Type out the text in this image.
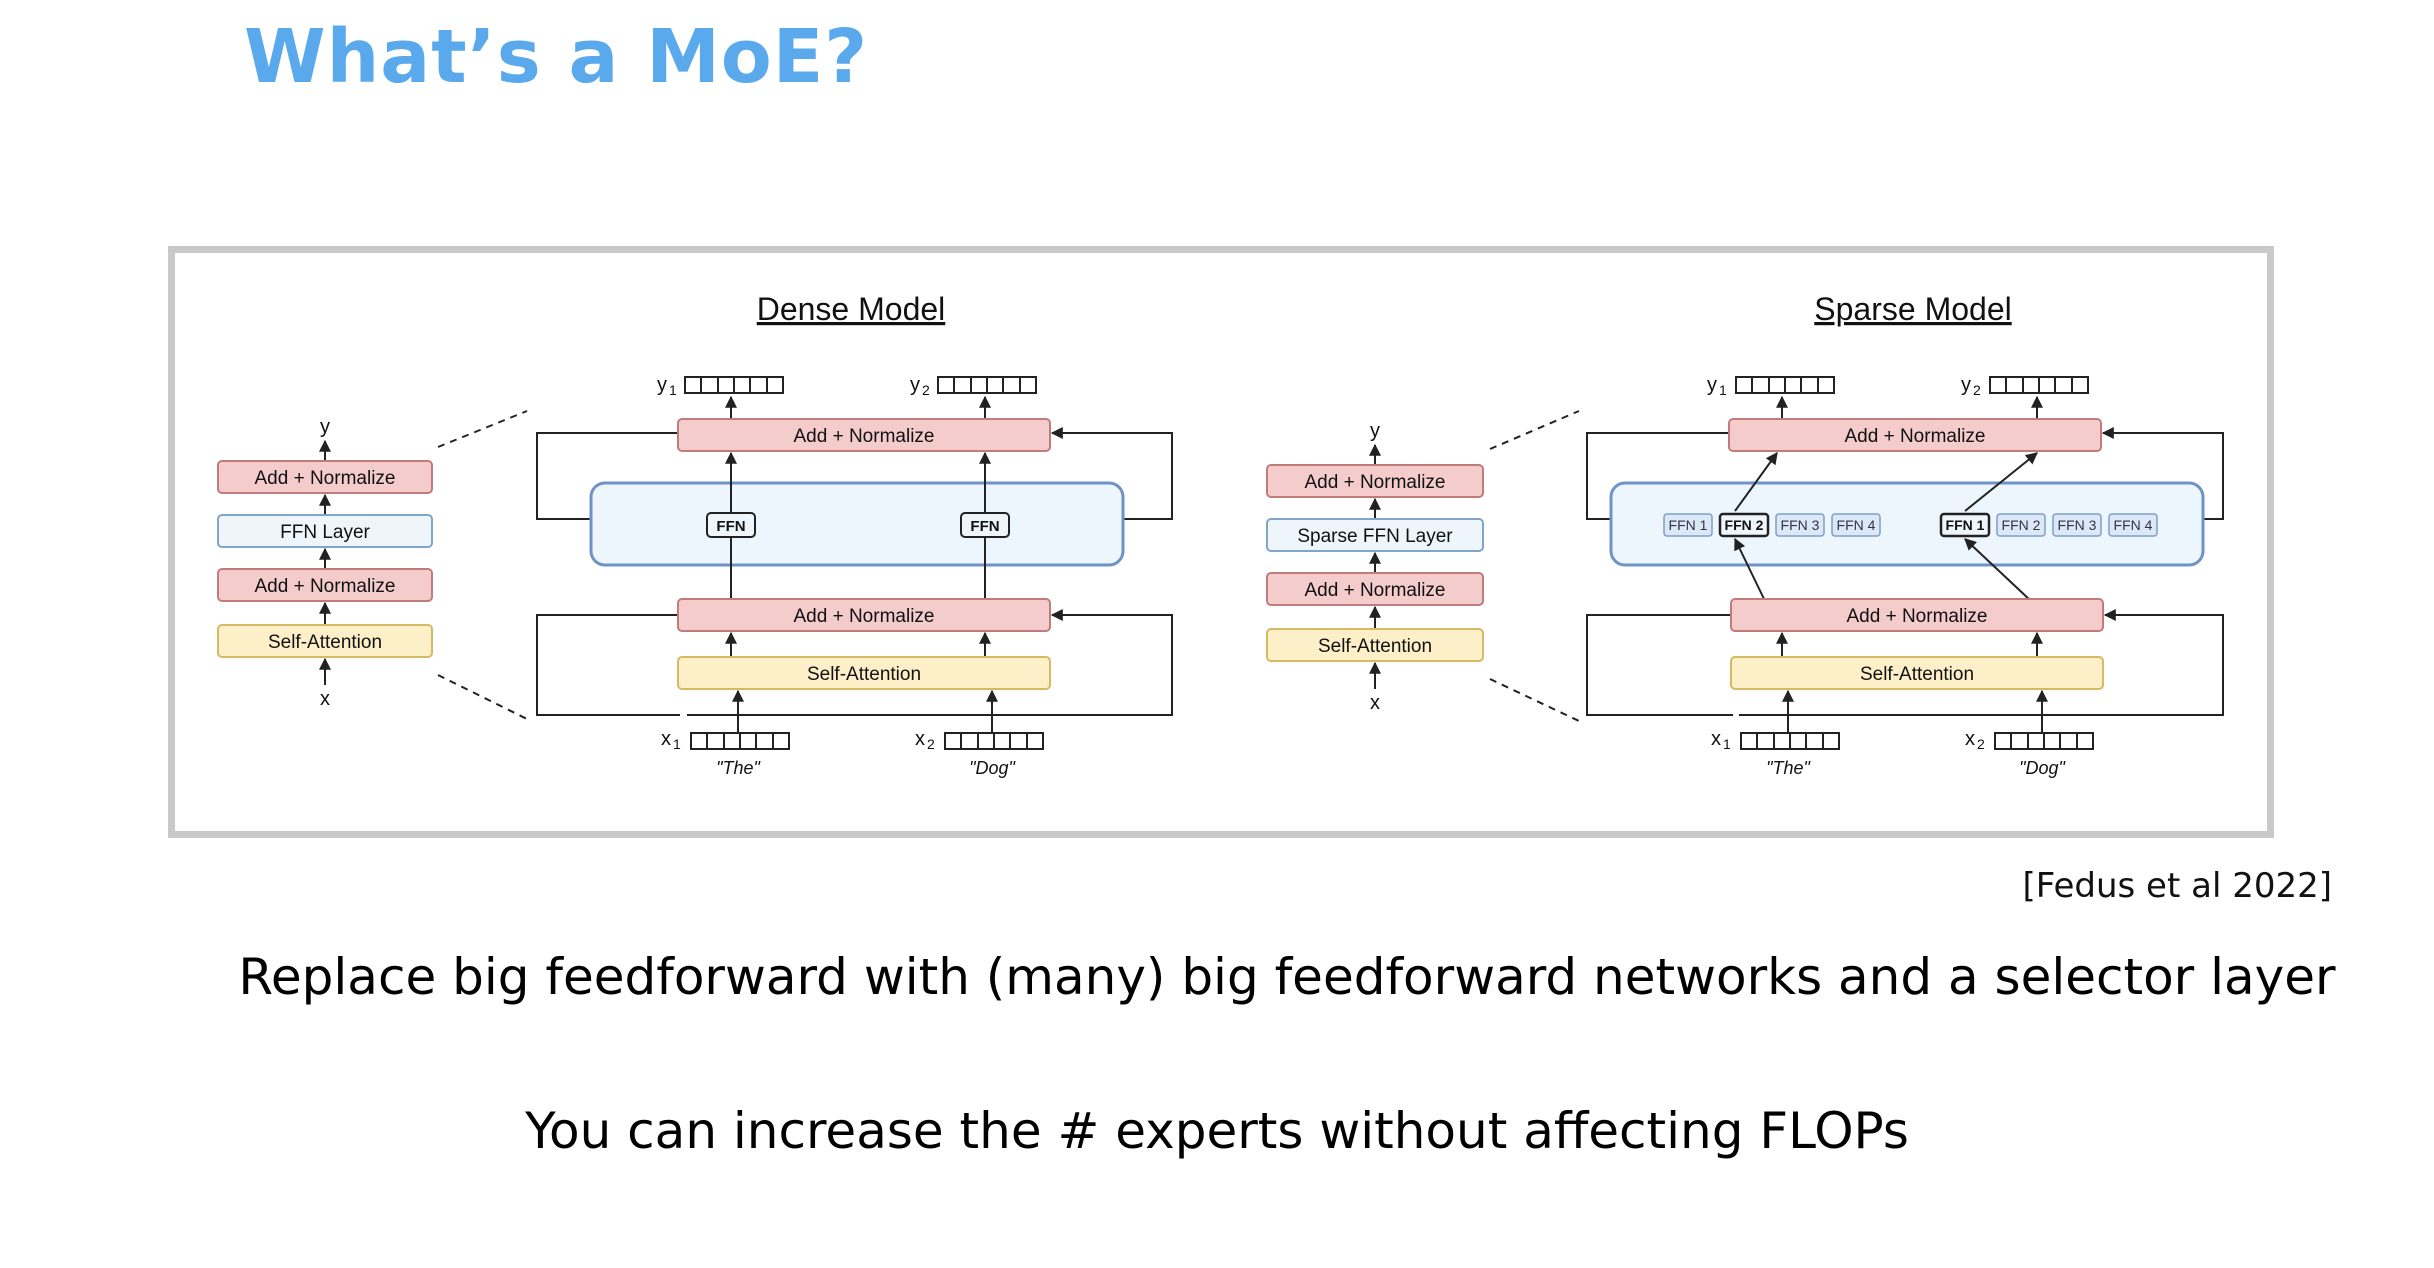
What’s a MoE?
Dense Model
y
Add + Normalize
FFN Layer
Add + Normalize
Self-Attention
x
y 1	y 2
Add + Normalize
FFN	FFN
Add + Normalize
Self-Attention
x 1	x 2
"The"	"Dog"
Sparse Model
y
Add + Normalize
Sparse FFN Layer
Add + Normalize
Self-Attention
x
y 1	y 2
Add + Normalize
FFN 1 FFN 2 FFN 3 FFN 4	FFN 1 FFN 2 FFN 3 FFN 4
Add + Normalize
Self-Attention
x 1	x 2
"The"	"Dog"
[Fedus et al 2022]
Replace big feedforward with (many) big feedforward networks and a selector layer
You can increase the # experts without affecting FLOPs
